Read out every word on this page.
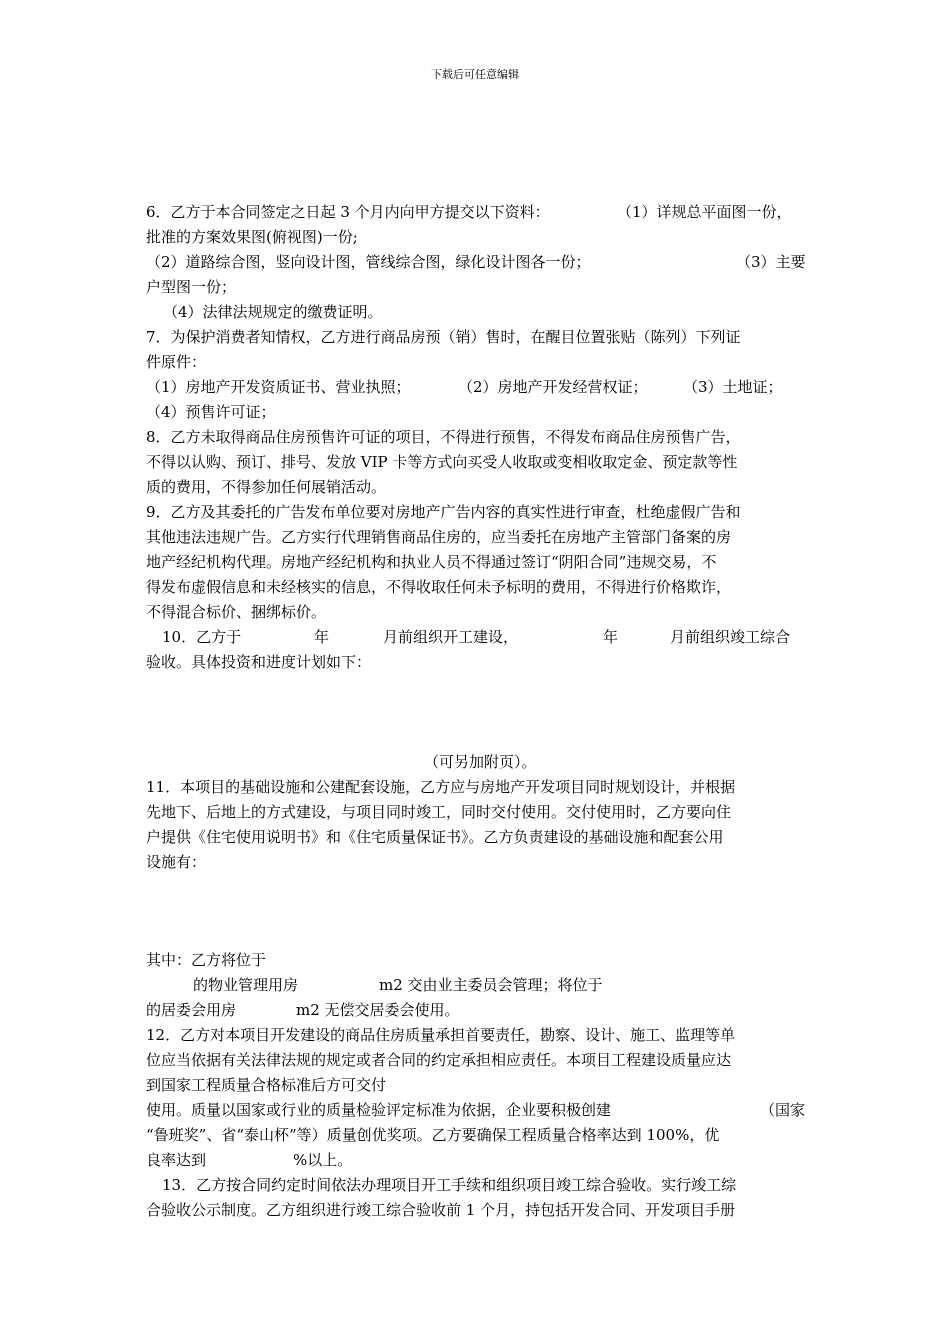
下载后可任意编辑
6．乙方于本合同签定之日起 3 个月内向甲方提交以下资料：	（1）详规总平面图一份，
批准的方案效果图(俯视图)一份;
（2）道路综合图，竖向设计图，管线综合图，绿化设计图各一份；	（3）主要
户型图一份；
（4）法律法规规定的缴费证明。
7．为保护消费者知情权，乙方进行商品房预（销）售时，在醒目位置张贴（陈列）下列证
件原件：
（1）房地产开发资质证书、营业执照；	（2）房地产开发经营权证； （3）土地证；
（4）预售许可证；
8．乙方未取得商品住房预售许可证的项目，不得进行预售，不得发布商品住房预售广告，
不得以认购、预订、排号、发放 VIP 卡等方式向买受人收取或变相收取定金、预定款等性
质的费用，不得参加任何展销活动。
9．乙方及其委托的广告发布单位要对房地产广告内容的真实性进行审查，杜绝虚假广告和
其他违法违规广告。乙方实行代理销售商品住房的，应当委托在房地产主管部门备案的房
地产经纪机构代理。房地产经纪机构和执业人员不得通过签订“阴阳合同”违规交易，不
得发布虚假信息和未经核实的信息，不得收取任何未予标明的费用，不得进行价格欺诈，
不得混合标价、捆绑标价。
10．乙方于	年	月前组织开工建设，	年	月前组织竣工综合
验收。具体投资和进度计划如下：
（可另加附页）。
11．本项目的基础设施和公建配套设施，乙方应与房地产开发项目同时规划设计，并根据
先地下、后地上的方式建设，与项目同时竣工，同时交付使用。交付使用时，乙方要向住
户提供《住宅使用说明书》和《住宅质量保证书》。乙方负责建设的基础设施和配套公用
设施有：
其中：乙方将位于
的物业管理用房	m2 交由业主委员会管理；将位于
的居委会用房	m2 无偿交居委会使用。
12．乙方对本项目开发建设的商品住房质量承担首要责任，勘察、设计、施工、监理等单
位应当依据有关法律法规的规定或者合同的约定承担相应责任。本项目工程建设质量应达
到国家工程质量合格标准后方可交付
使用。质量以国家或行业的质量检验评定标准为依据，企业要积极创建	（国家
“鲁班奖”、省“泰山杯”等）质量创优奖项。乙方要确保工程质量合格率达到 100%，优
良率达到	%以上。
13．乙方按合同约定时间依法办理项目开工手续和组织项目竣工综合验收。实行竣工综
合验收公示制度。乙方组织进行竣工综合验收前 1 个月，持包括开发合同、开发项目手册
